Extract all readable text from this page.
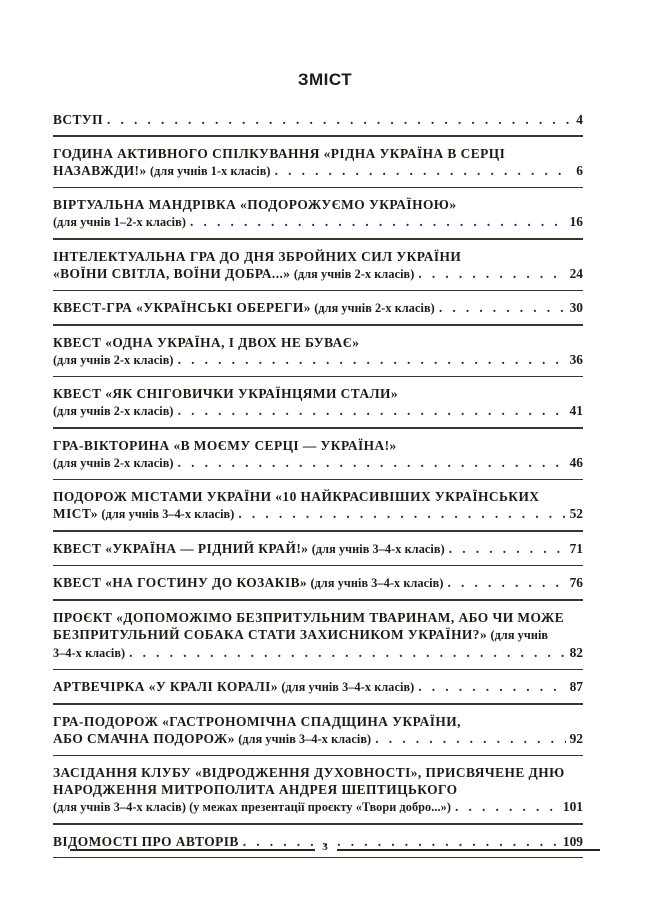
ЗМІСТ
ВСТУП . . .	4
ГОДИНА АКТИВНОГО СПІЛКУВАННЯ «РІДНА УКРАЇНА В СЕРЦІ
НАЗАВЖДИ!»
(для учнів 1-х класів) . . .	6
ВІРТУАЛЬНА МАНДРІВКА «ПОДОРОЖУЄМО УКРАЇНОЮ»
(для учнів 1–2-х класів) . . .	16
ІНТЕЛЕКТУАЛЬНА ГРА ДО ДНЯ ЗБРОЙНИХ СИЛ УКРАЇНИ
«ВОЇНИ СВІТЛА, ВОЇНИ ДОБРА...»
(для учнів 2-х класів) . . .	24
КВЕСТ-ГРА «УКРАЇНСЬКІ ОБЕРЕГИ»
(для учнів 2-х класів) . . .	30
КВЕСТ «ОДНА УКРАЇНА, І ДВОХ НЕ БУВАЄ»
(для учнів 2-х класів) . . .	36
КВЕСТ «ЯК СНІГОВИЧКИ УКРАЇНЦЯМИ СТАЛИ»
(для учнів 2-х класів) . . .	41
ГРА-ВІКТОРИНА «В МОЄМУ СЕРЦІ — УКРАЇНА!»
(для учнів 2-х класів) . . .	46
ПОДОРОЖ МІСТАМИ УКРАЇНИ «10 НАЙКРАСИВІШИХ УКРАЇНСЬКИХ
МІСТ»
(для учнів 3–4-х класів) . . .	52
КВЕСТ «УКРАЇНА — РІДНИЙ КРАЙ!»
(для учнів 3–4-х класів) . . .	71
КВЕСТ «НА ГОСТИНУ ДО КОЗАКІВ»
(для учнів 3–4-х класів) . . .	76
ПРОЄКТ «ДОПОМОЖІМО БЕЗПРИТУЛЬНИМ ТВАРИНАМ, АБО ЧИ МОЖЕ
БЕЗПРИТУЛЬНИЙ СОБАКА СТАТИ ЗАХИСНИКОМ УКРАЇНИ?»
(для учнів
3–4-х класів) . . .	82
АРТВЕЧІРКА «У КРАЛІ КОРАЛІ»
(для учнів 3–4-х класів) . . .	87
ГРА-ПОДОРОЖ «ГАСТРОНОМІЧНА СПАДЩИНА УКРАЇНИ,
АБО СМАЧНА ПОДОРОЖ»
(для учнів 3–4-х класів) . . .	92
ЗАСІДАННЯ КЛУБУ «ВІДРОДЖЕННЯ ДУХОВНОСТІ», ПРИСВЯЧЕНЕ ДНЮ
НАРОДЖЕННЯ МИТРОПОЛИТА АНДРЕЯ ШЕПТИЦЬКОГО
(для учнів 3–4-х класів) (у межах презентації проєкту «Твори добро...») . . .	101
ВІДОМОСТІ ПРО АВТОРІВ . . .	109
3
